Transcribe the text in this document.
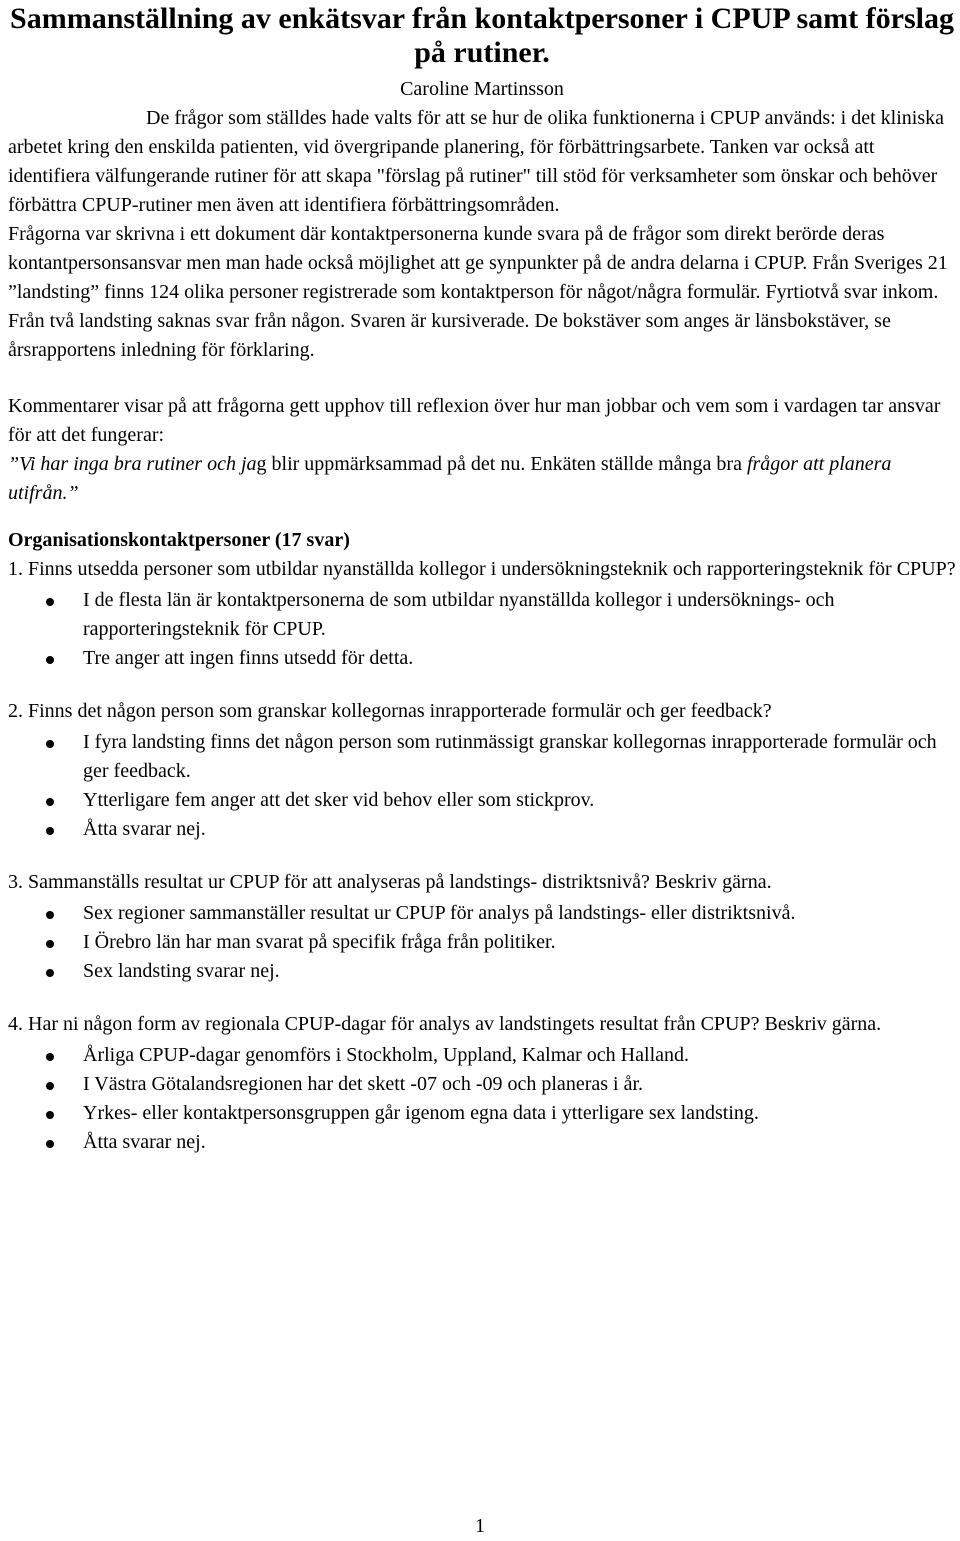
Sammanställning av enkätsvar från kontaktpersoner i CPUP samt förslag på rutiner.

Caroline Martinsson

De frågor som ställdes hade valts för att se hur de olika funktionerna i CPUP används: i det kliniska arbetet kring den enskilda patienten, vid övergripande planering, för förbättringsarbete. Tanken var också att identifiera välfungerande rutiner för att skapa "förslag på rutiner" till stöd för verksamheter som önskar och behöver förbättra CPUP-rutiner men även att identifiera förbättringsområden.

Frågorna var skrivna i ett dokument där kontaktpersonerna kunde svara på de frågor som direkt berörde deras kontantpersonsansvar men man hade också möjlighet att ge synpunkter på de andra delarna i CPUP. Från Sveriges 21 ”landsting” finns 124 olika personer registrerade som kontaktperson för något/några formulär. Fyrtiotvå svar inkom. Från två landsting saknas svar från någon. Svaren är kursiverade. De bokstäver som anges är länsbokstäver, se årsrapportens inledning för förklaring.

Kommentarer visar på att frågorna gett upphov till reflexion över hur man jobbar och vem som i vardagen tar ansvar för att det fungerar:
”Vi har inga bra rutiner och jag blir uppmärksammad på det nu. Enkäten ställde många bra frågor att planera utifrån.”

Organisationskontaktpersoner (17 svar)

1. Finns utsedda personer som utbildar nyanställda kollegor i undersökningsteknik och rapporteringsteknik för CPUP?

I de flesta län är kontaktpersonerna de som utbildar nyanställda kollegor i undersöknings- och rapporteringsteknik för CPUP.
Tre anger att ingen finns utsedd för detta.

2. Finns det någon person som granskar kollegornas inrapporterade formulär och ger feedback?

I fyra landsting finns det någon person som rutinmässigt granskar kollegornas inrapporterade formulär och ger feedback.
Ytterligare fem anger att det sker vid behov eller som stickprov.
Åtta svarar nej.

3. Sammanställs resultat ur CPUP för att analyseras på landstings- distriktsnivå? Beskriv gärna.

Sex regioner sammanställer resultat ur CPUP för analys på landstings- eller distriktsnivå.
I Örebro län har man svarat på specifik fråga från politiker.
Sex landsting svarar nej.

4. Har ni någon form av regionala CPUP-dagar för analys av landstingets resultat från CPUP? Beskriv gärna.

Årliga CPUP-dagar genomförs i Stockholm, Uppland, Kalmar och Halland.
I Västra Götalandsregionen har det skett -07 och -09 och planeras i år.
Yrkes- eller kontaktpersonsgruppen går igenom egna data i ytterligare sex landsting.
Åtta svarar nej.
1
